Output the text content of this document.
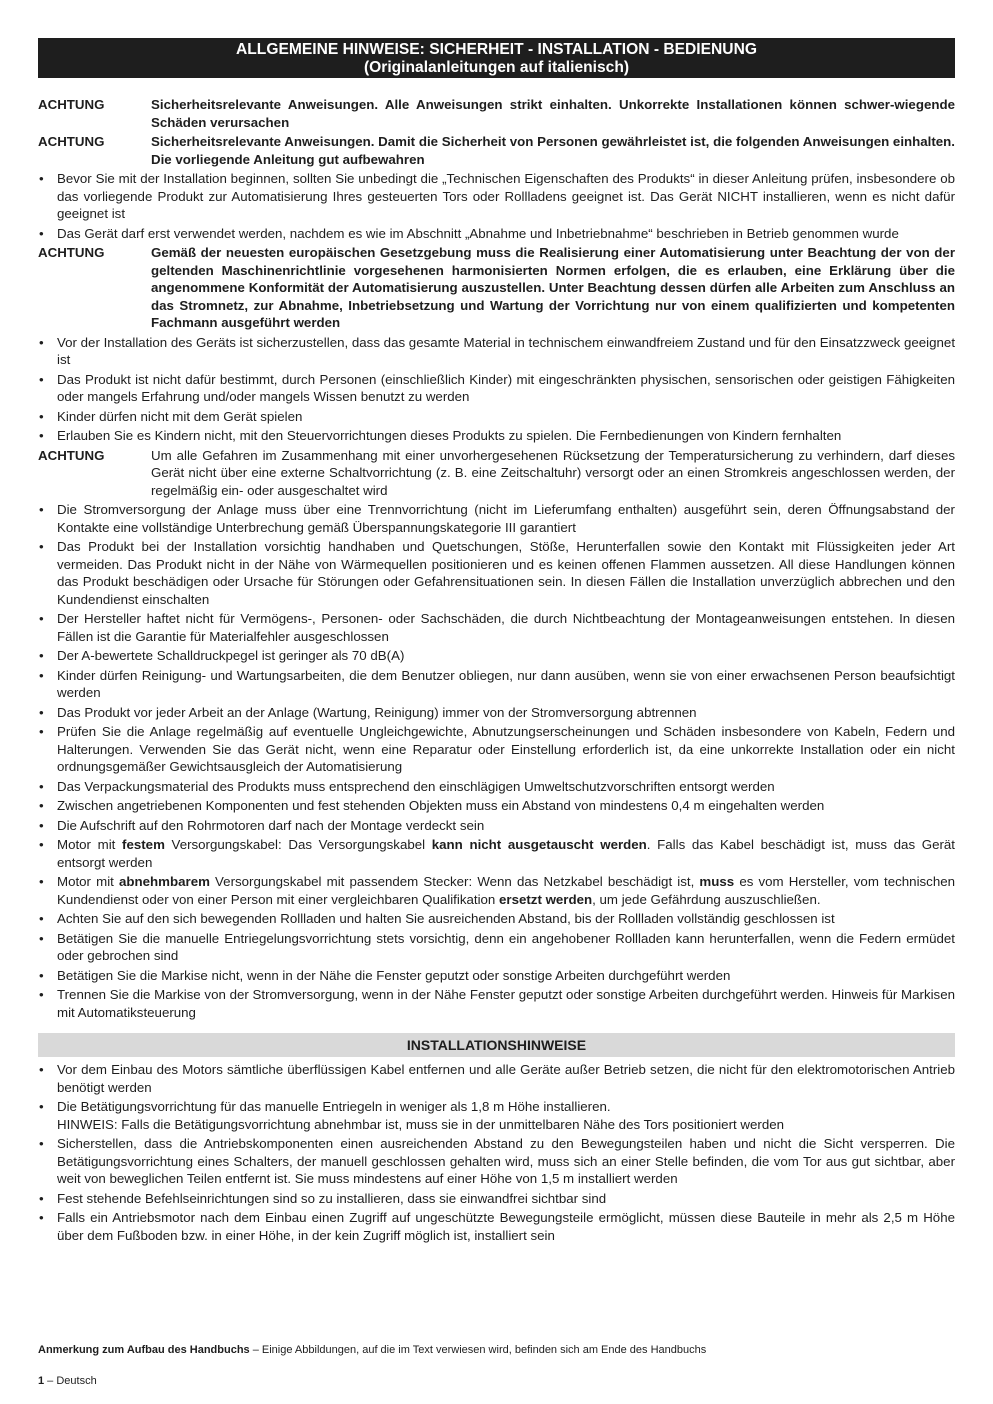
ALLGEMEINE HINWEISE: SICHERHEIT - INSTALLATION - BEDIENUNG
(Originalanleitungen auf italienisch)
ACHTUNG	Sicherheitsrelevante Anweisungen. Alle Anweisungen strikt einhalten. Unkorrekte Installationen können schwer-wiegende Schäden verursachen
ACHTUNG	Sicherheitsrelevante Anweisungen. Damit die Sicherheit von Personen gewährleistet ist, die folgenden Anweisungen einhalten. Die vorliegende Anleitung gut aufbewahren
•	Bevor Sie mit der Installation beginnen, sollten Sie unbedingt die „Technischen Eigenschaften des Produkts“ in dieser Anleitung prüfen, insbesondere ob das vorliegende Produkt zur Automatisierung Ihres gesteuerten Tors oder Rollladens geeignet ist. Das Gerät NICHT installieren, wenn es nicht dafür geeignet ist
•	Das Gerät darf erst verwendet werden, nachdem es wie im Abschnitt „Abnahme und Inbetriebnahme“ beschrieben in Betrieb genommen wurde
ACHTUNG	Gemäß der neuesten europäischen Gesetzgebung muss die Realisierung einer Automatisierung unter Beachtung der von der geltenden Maschinenrichtlinie vorgesehenen harmonisierten Normen erfolgen, die es erlauben, eine Erklärung über die angenommene Konformität der Automatisierung auszustellen. Unter Beachtung dessen dürfen alle Arbeiten zum Anschluss an das Stromnetz, zur Abnahme, Inbetriebsetzung und Wartung der Vorrichtung nur von einem qualifizierten und kompetenten Fachmann ausgeführt werden
•	Vor der Installation des Geräts ist sicherzustellen, dass das gesamte Material in technischem einwandfreiem Zustand und für den Einsatzzweck geeignet ist
•	Das Produkt ist nicht dafür bestimmt, durch Personen (einschließlich Kinder) mit eingeschränkten physischen, sensorischen oder geistigen Fähigkeiten oder mangels Erfahrung und/oder mangels Wissen benutzt zu werden
•	Kinder dürfen nicht mit dem Gerät spielen
•	Erlauben Sie es Kindern nicht, mit den Steuervorrichtungen dieses Produkts zu spielen. Die Fernbedienungen von Kindern fernhalten
ACHTUNG	Um alle Gefahren im Zusammenhang mit einer unvorhergesehenen Rücksetzung der Temperatursicherung zu verhindern, darf dieses Gerät nicht über eine externe Schaltvorrichtung (z. B. eine Zeitschaltuhr) versorgt oder an einen Stromkreis angeschlossen werden, der regelmäßig ein- oder ausgeschaltet wird
•	Die Stromversorgung der Anlage muss über eine Trennvorrichtung (nicht im Lieferumfang enthalten) ausgeführt sein, deren Öffnungsabstand der Kontakte eine vollständige Unterbrechung gemäß Überspannungskategorie III garantiert
•	Das Produkt bei der Installation vorsichtig handhaben und Quetschungen, Stöße, Herunterfallen sowie den Kontakt mit Flüssigkeiten jeder Art vermeiden. Das Produkt nicht in der Nähe von Wärmequellen positionieren und es keinen offenen Flammen aussetzen. All diese Handlungen können das Produkt beschädigen oder Ursache für Störungen oder Gefahrensituationen sein. In diesen Fällen die Installation unverzüglich abbrechen und den Kundendienst einschalten
•	Der Hersteller haftet nicht für Vermögens-, Personen- oder Sachschäden, die durch Nichtbeachtung der Montageanweisungen entstehen. In diesen Fällen ist die Garantie für Materialfehler ausgeschlossen
•	Der A-bewertete Schalldruckpegel ist geringer als 70 dB(A)
•	Kinder dürfen Reinigung- und Wartungsarbeiten, die dem Benutzer obliegen, nur dann ausüben, wenn sie von einer erwachsenen Person beaufsichtigt werden
•	Das Produkt vor jeder Arbeit an der Anlage (Wartung, Reinigung) immer von der Stromversorgung abtrennen
•	Prüfen Sie die Anlage regelmäßig auf eventuelle Ungleichgewichte, Abnutzungserscheinungen und Schäden insbesondere von Kabeln, Federn und Halterungen. Verwenden Sie das Gerät nicht, wenn eine Reparatur oder Einstellung erforderlich ist, da eine unkorrekte Installation oder ein nicht ordnungsgemäßer Gewichtsausgleich der Automatisierung
•	Das Verpackungsmaterial des Produkts muss entsprechend den einschlägigen Umweltschutzvorschriften entsorgt werden
•	Zwischen angetriebenen Komponenten und fest stehenden Objekten muss ein Abstand von mindestens 0,4 m eingehalten werden
•	Die Aufschrift auf den Rohrmotoren darf nach der Montage verdeckt sein
•	Motor mit festem Versorgungskabel: Das Versorgungskabel kann nicht ausgetauscht werden. Falls das Kabel beschädigt ist, muss das Gerät entsorgt werden
•	Motor mit abnehmbarem Versorgungskabel mit passendem Stecker: Wenn das Netzkabel beschädigt ist, muss es vom Hersteller, vom technischen Kundendienst oder von einer Person mit einer vergleichbaren Qualifikation ersetzt werden, um jede Gefährdung auszuschließen.
•	Achten Sie auf den sich bewegenden Rollladen und halten Sie ausreichenden Abstand, bis der Rollladen vollständig geschlossen ist
•	Betätigen Sie die manuelle Entriegelungsvorrichtung stets vorsichtig, denn ein angehobener Rollladen kann herunterfallen, wenn die Federn ermüdet oder gebrochen sind
•	Betätigen Sie die Markise nicht, wenn in der Nähe die Fenster geputzt oder sonstige Arbeiten durchgeführt werden
•	Trennen Sie die Markise von der Stromversorgung, wenn in der Nähe Fenster geputzt oder sonstige Arbeiten durchgeführt werden. Hinweis für Markisen mit Automatiksteuerung
INSTALLATIONSHINWEISE
•	Vor dem Einbau des Motors sämtliche überflüssigen Kabel entfernen und alle Geräte außer Betrieb setzen, die nicht für den elektromotorischen Antrieb benötigt werden
•	Die Betätigungsvorrichtung für das manuelle Entriegeln in weniger als 1,8 m Höhe installieren.
HINWEIS: Falls die Betätigungsvorrichtung abnehmbar ist, muss sie in der unmittelbaren Nähe des Tors positioniert werden
•	Sicherstellen, dass die Antriebskomponenten einen ausreichenden Abstand zu den Bewegungsteilen haben und nicht die Sicht versperren. Die Betätigungsvorrichtung eines Schalters, der manuell geschlossen gehalten wird, muss sich an einer Stelle befinden, die vom Tor aus gut sichtbar, aber weit von beweglichen Teilen entfernt ist. Sie muss mindestens auf einer Höhe von 1,5 m installiert werden
•	Fest stehende Befehlseinrichtungen sind so zu installieren, dass sie einwandfrei sichtbar sind
•	Falls ein Antriebsmotor nach dem Einbau einen Zugriff auf ungeschützte Bewegungsteile ermöglicht, müssen diese Bauteile in mehr als 2,5 m Höhe über dem Fußboden bzw. in einer Höhe, in der kein Zugriff möglich ist, installiert sein
Anmerkung zum Aufbau des Handbuchs – Einige Abbildungen, auf die im Text verwiesen wird, befinden sich am Ende des Handbuchs
1 – Deutsch
